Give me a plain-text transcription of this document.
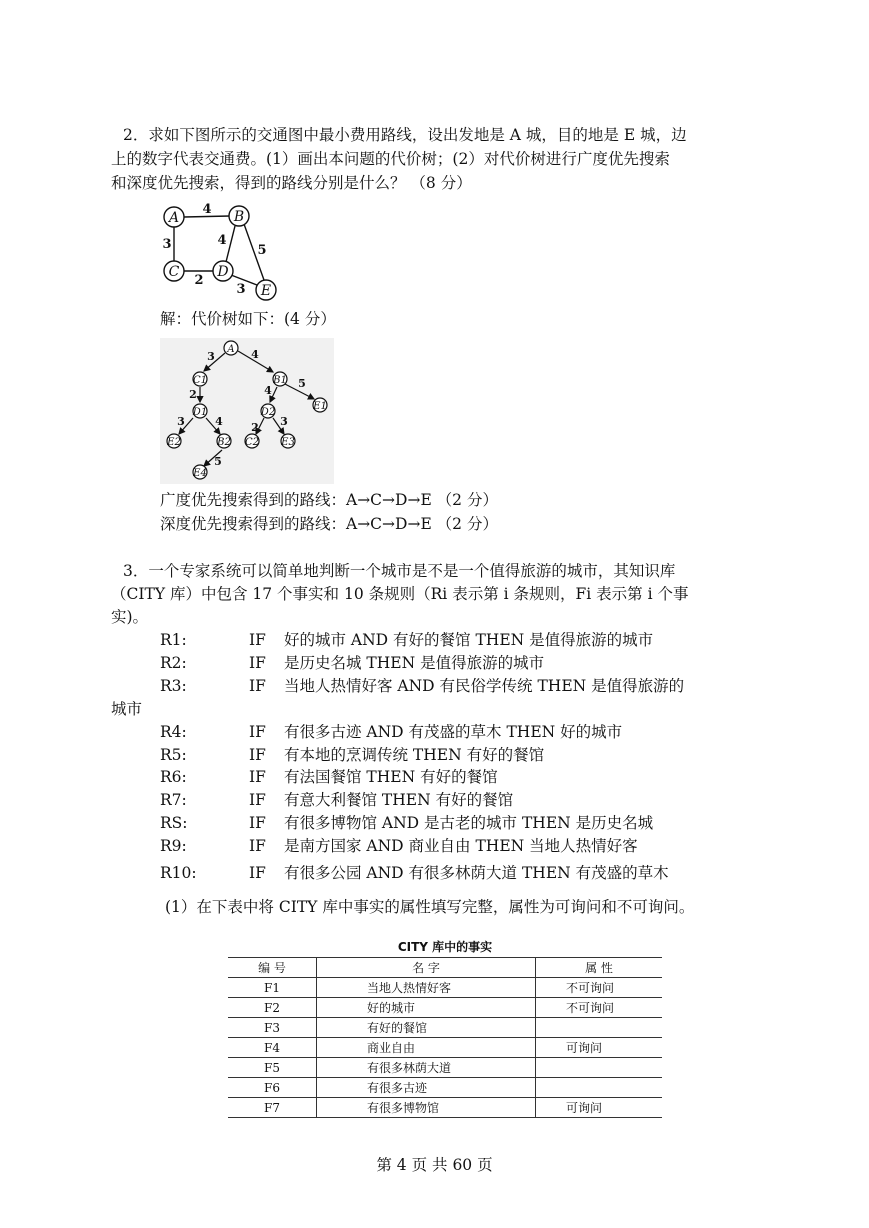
2．求如下图所示的交通图中最小费用路线，设出发地是 A 城，目的地是 E 城，边
上的数字代表交通费。(1）画出本问题的代价树；(2）对代价树进行广度优先搜索
和深度优先搜索，得到的路线分别是什么？ （8 分）
A	B
C	D
E
4
3	4
5
2
3
解：代价树如下：(4 分）
A
C1	B1
E1
D1	D2
E2	B2 C2 E3
E4
3	4
2	4
5
3	4	2 3
5
广度优先搜索得到的路线：A→C→D→E （2 分）
深度优先搜索得到的路线：A→C→D→E （2 分）
3．一个专家系统可以简单地判断一个城市是不是一个值得旅游的城市，其知识库
（CITY 库）中包含 17 个事实和 10 条规则（Ri 表示第 i 条规则，Fi 表示第 i 个事
实)。
R1:	IF 好的城市 AND 有好的餐馆 THEN 是值得旅游的城市
R2:	IF 是历史名城 THEN 是值得旅游的城市
R3:	IF 当地人热情好客 AND 有民俗学传统 THEN 是值得旅游的
城市
R4:	IF 有很多古迹 AND 有茂盛的草木 THEN 好的城市
R5:	IF 有本地的烹调传统 THEN 有好的餐馆
R6:	IF 有法国餐馆 THEN 有好的餐馆
R7:	IF 有意大利餐馆 THEN 有好的餐馆
RS:	IF 有很多博物馆 AND 是古老的城市 THEN 是历史名城
R9:	IF 是南方国家 AND 商业自由 THEN 当地人热情好客
R10:	IF 有很多公园 AND 有很多林荫大道 THEN 有茂盛的草木
(1）在下表中将 CITY 库中事实的属性填写完整，属性为可询问和不可询问。
CITY 库中的事实
编 号	名 字	属 性
F1	当地人热情好客	不可询问
F2	好的城市	不可询问
F3	有好的餐馆	
F4	商业自由	可询问
F5	有很多林荫大道	
F6	有很多古迹	
F7	有很多博物馆	可询问
第 4 页 共 60 页
